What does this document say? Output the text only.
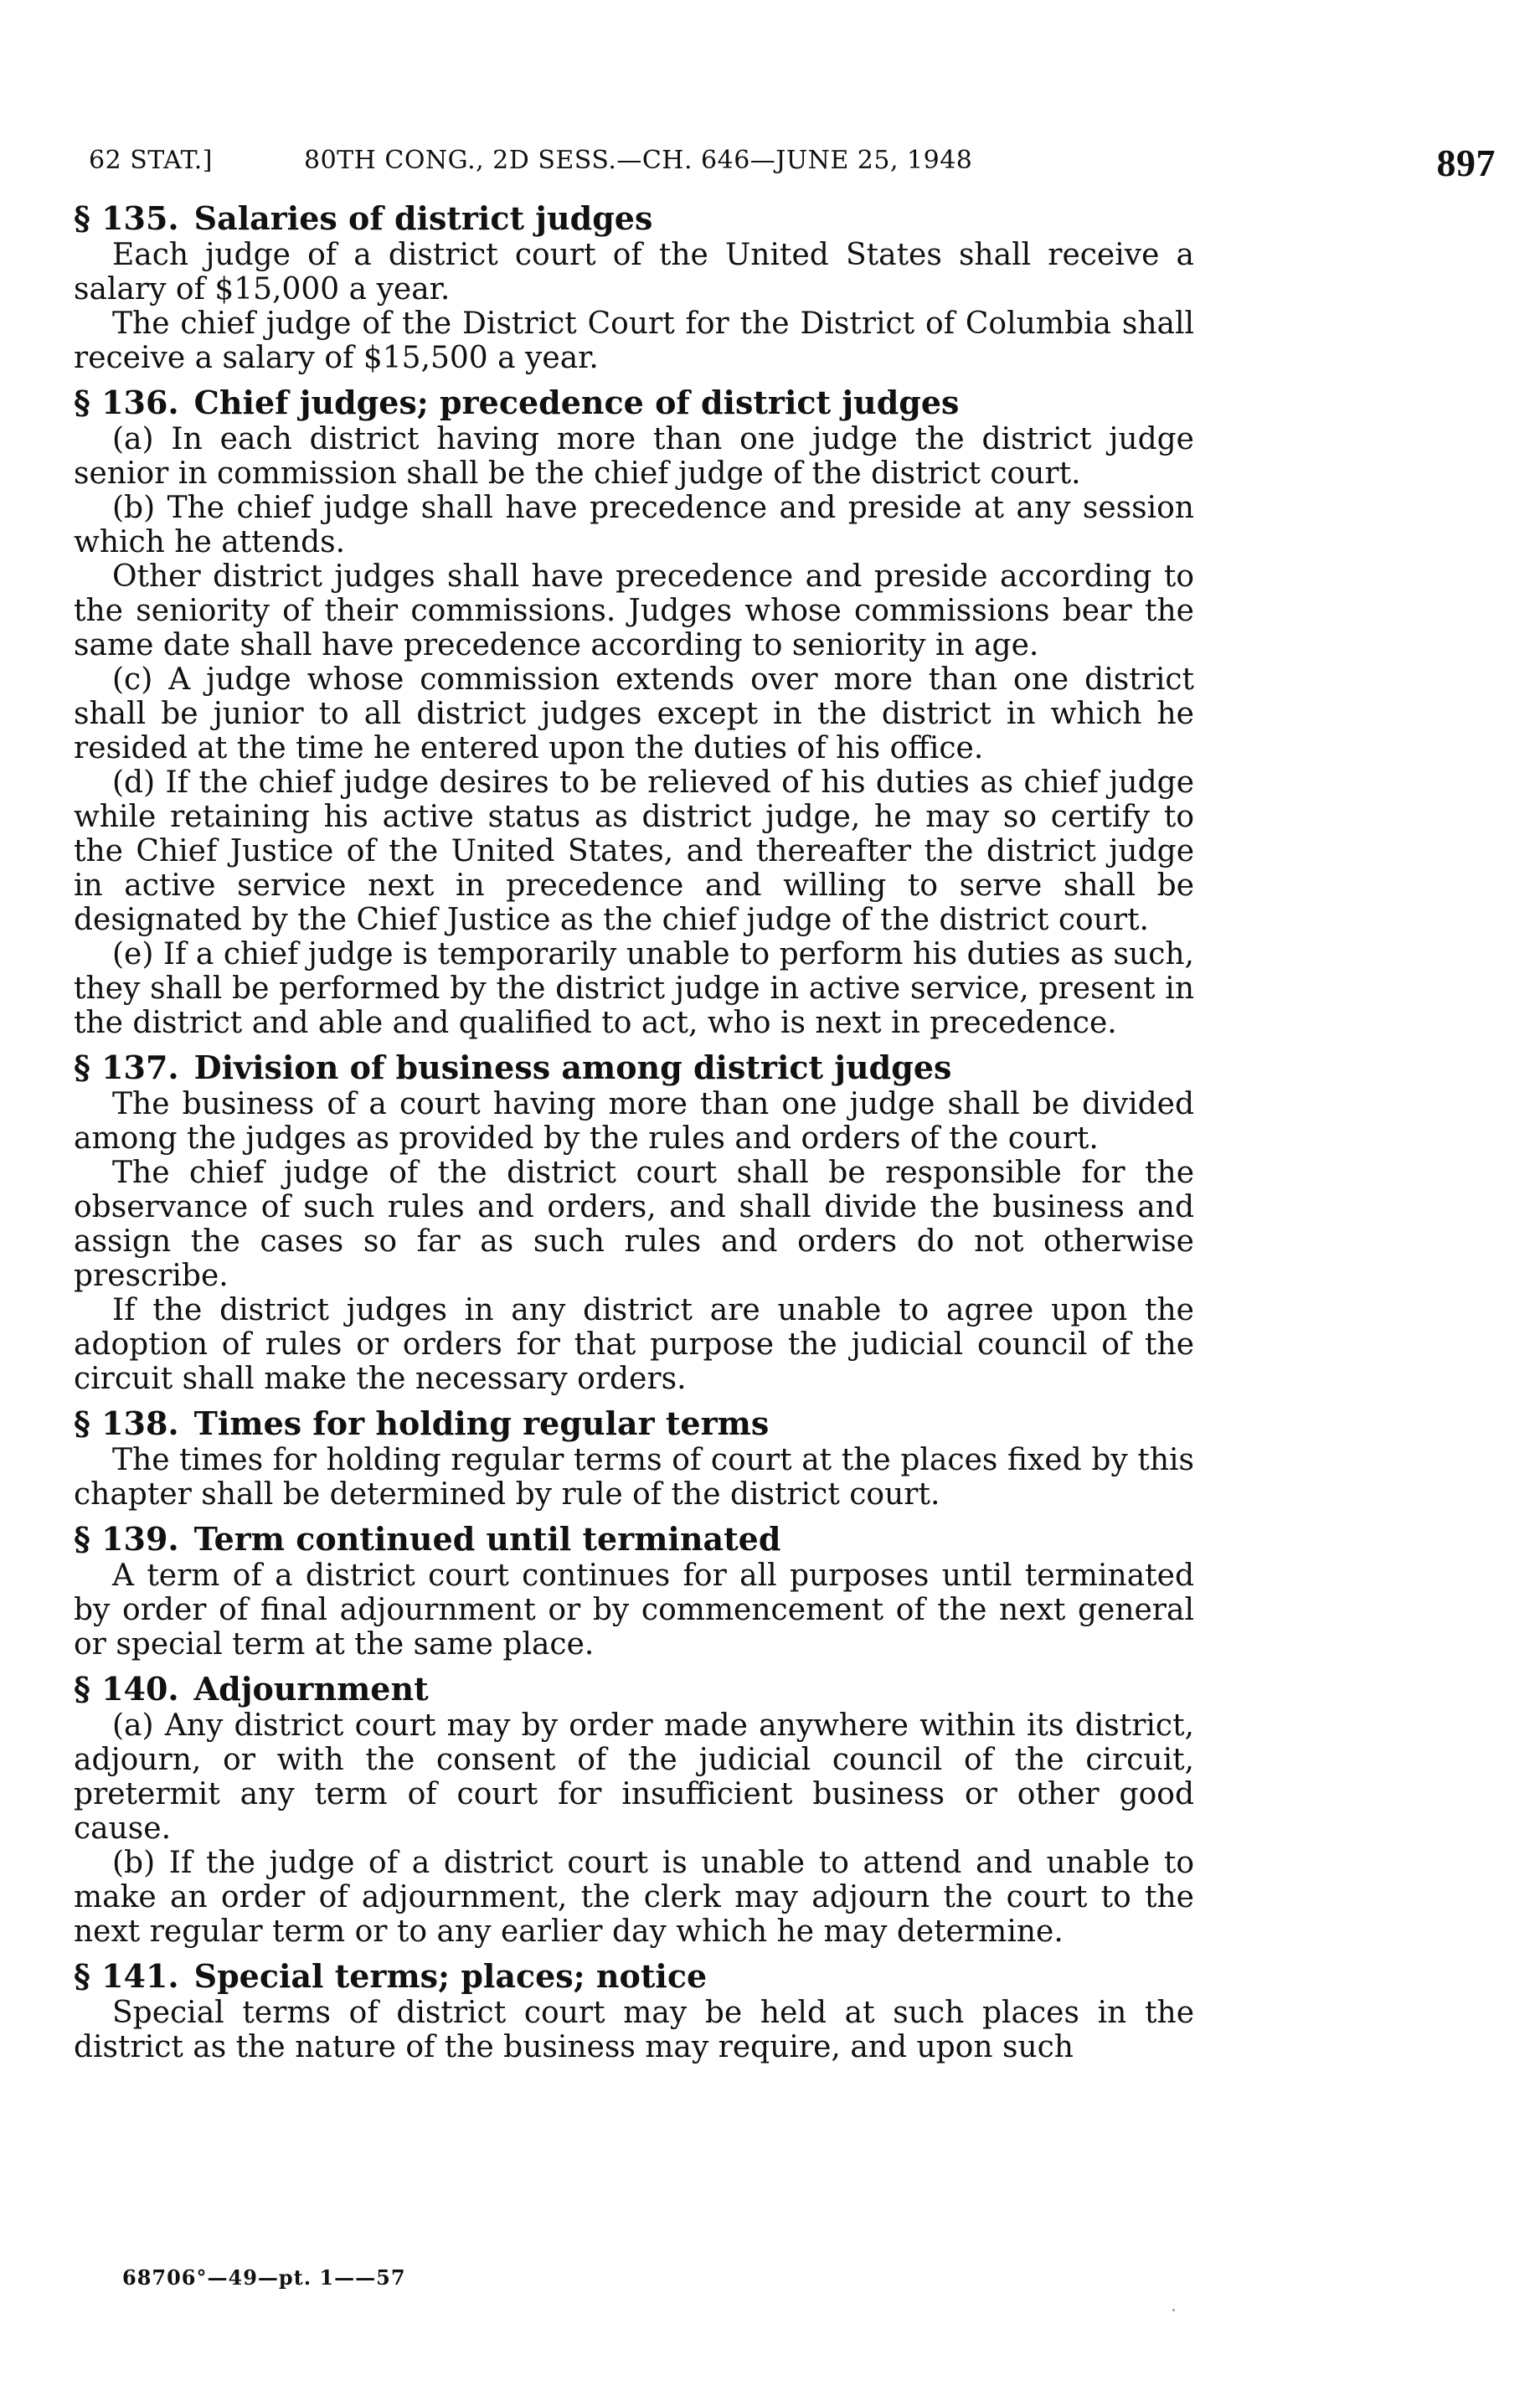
62 STAT.]	80TH CONG., 2D SESS.—CH. 646—JUNE 25, 1948	897
§ 135. Salaries of district judges

Each judge of a district court of the United States shall receive a salary of $15,000 a year.

The chief judge of the District Court for the District of Columbia shall receive a salary of $15,500 a year.

§ 136. Chief judges; precedence of district judges

(a) In each district having more than one judge the district judge senior in commission shall be the chief judge of the district court.

(b) The chief judge shall have precedence and preside at any session which he attends.

Other district judges shall have precedence and preside according to the seniority of their commissions. Judges whose commissions bear the same date shall have precedence according to seniority in age.

(c) A judge whose commission extends over more than one district shall be junior to all district judges except in the district in which he resided at the time he entered upon the duties of his office.

(d) If the chief judge desires to be relieved of his duties as chief judge while retaining his active status as district judge, he may so certify to the Chief Justice of the United States, and thereafter the district judge in active service next in precedence and willing to serve shall be designated by the Chief Justice as the chief judge of the district court.

(e) If a chief judge is temporarily unable to perform his duties as such, they shall be performed by the district judge in active service, present in the district and able and qualified to act, who is next in precedence.

§ 137. Division of business among district judges

The business of a court having more than one judge shall be divided among the judges as provided by the rules and orders of the court.

The chief judge of the district court shall be responsible for the observance of such rules and orders, and shall divide the business and assign the cases so far as such rules and orders do not otherwise prescribe.

If the district judges in any district are unable to agree upon the adoption of rules or orders for that purpose the judicial council of the circuit shall make the necessary orders.

§ 138. Times for holding regular terms

The times for holding regular terms of court at the places fixed by this chapter shall be determined by rule of the district court.

§ 139. Term continued until terminated

A term of a district court continues for all purposes until terminated by order of final adjournment or by commencement of the next general or special term at the same place.

§ 140. Adjournment

(a) Any district court may by order made anywhere within its district, adjourn, or with the consent of the judicial council of the circuit, pretermit any term of court for insufficient business or other good cause.

(b) If the judge of a district court is unable to attend and unable to make an order of adjournment, the clerk may adjourn the court to the next regular term or to any earlier day which he may determine.

§ 141. Special terms; places; notice

Special terms of district court may be held at such places in the district as the nature of the business may require, and upon such

68706°—49—pt. 1——57
